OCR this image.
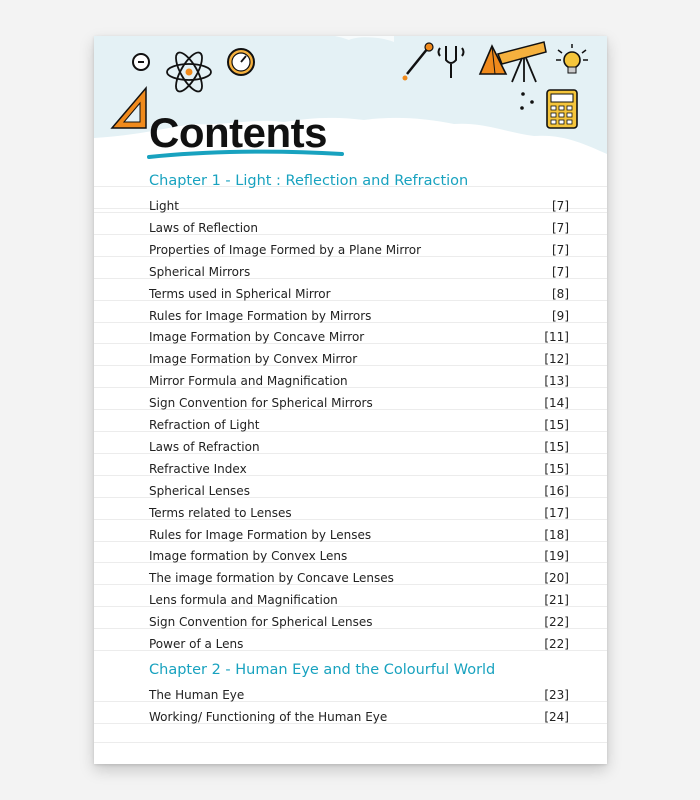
Contents
Chapter 1 - Light : Reflection and Refraction
Light	[7]
Laws of Reflection	[7]
Properties of Image Formed by a Plane Mirror	[7]
Spherical Mirrors	[7]
Terms used in Spherical Mirror	[8]
Rules for Image Formation by Mirrors	[9]
Image Formation by Concave Mirror	[11]
Image Formation by Convex Mirror	[12]
Mirror Formula and Magnification	[13]
Sign Convention for Spherical Mirrors	[14]
Refraction of Light	[15]
Laws of Refraction	[15]
Refractive Index	[15]
Spherical Lenses	[16]
Terms related to Lenses	[17]
Rules for Image Formation by Lenses	[18]
Image formation by Convex Lens	[19]
The image formation by Concave Lenses	[20]
Lens formula and Magnification	[21]
Sign Convention for Spherical Lenses	[22]
Power of a Lens	[22]
Chapter 2 - Human Eye and the Colourful World
The Human Eye	[23]
Working/ Functioning of the Human Eye	[24]
